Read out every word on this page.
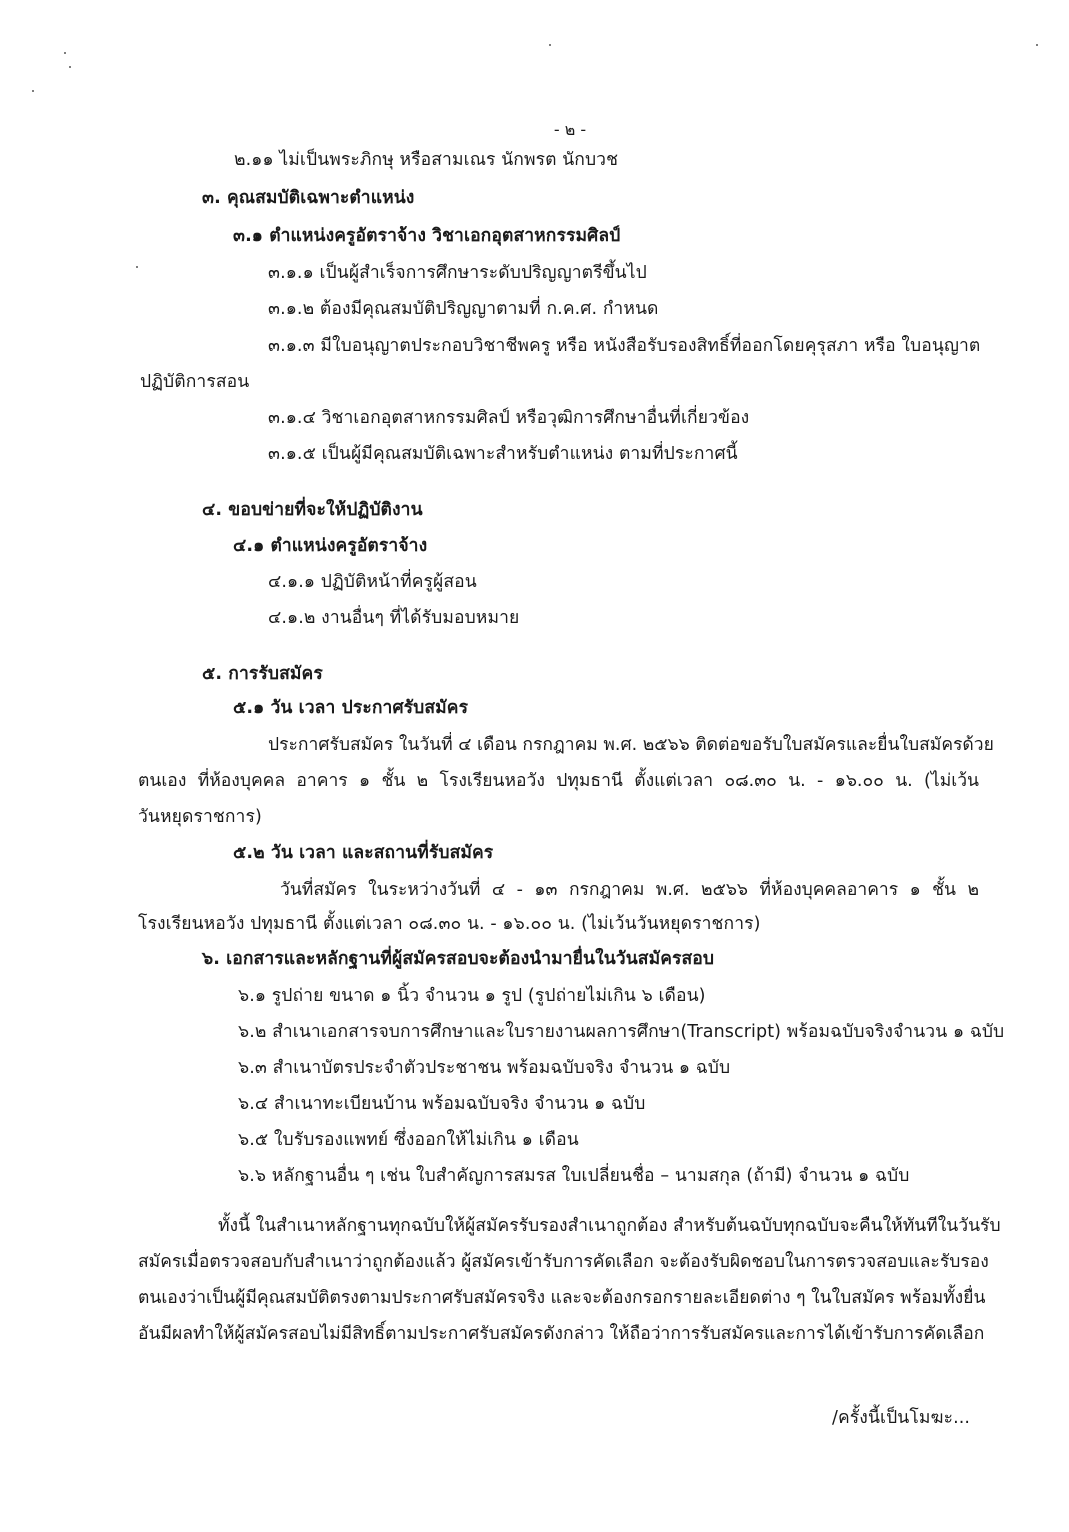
- ๒ -
๒.๑๑ ไม่เป็นพระภิกษุ หรือสามเณร นักพรต นักบวช
๓. คุณสมบัติเฉพาะตำแหน่ง
๓.๑ ตำแหน่งครูอัตราจ้าง วิชาเอกอุตสาหกรรมศิลป์
๓.๑.๑ เป็นผู้สำเร็จการศึกษาระดับปริญญาตรีขึ้นไป
๓.๑.๒ ต้องมีคุณสมบัติปริญญาตามที่ ก.ค.ศ. กำหนด
๓.๑.๓ มีใบอนุญาตประกอบวิชาชีพครู หรือ หนังสือรับรองสิทธิ์ที่ออกโดยคุรุสภา หรือ ใบอนุญาต
ปฏิบัติการสอน
๓.๑.๔ วิชาเอกอุตสาหกรรมศิลป์ หรือวุฒิการศึกษาอื่นที่เกี่ยวข้อง
๓.๑.๕ เป็นผู้มีคุณสมบัติเฉพาะสำหรับตำแหน่ง ตามที่ประกาศนี้
๔. ขอบข่ายที่จะให้ปฏิบัติงาน
๔.๑ ตำแหน่งครูอัตราจ้าง
๔.๑.๑ ปฏิบัติหน้าที่ครูผู้สอน
๔.๑.๒ งานอื่นๆ ที่ได้รับมอบหมาย
๕. การรับสมัคร
๕.๑ วัน เวลา ประกาศรับสมัคร
ประกาศรับสมัคร ในวันที่ ๔ เดือน กรกฎาคม พ.ศ. ๒๕๖๖ ติดต่อขอรับใบสมัครและยื่นใบสมัครด้วย
ตนเอง ที่ห้องบุคคล อาคาร ๑ ชั้น ๒ โรงเรียนหอวัง ปทุมธานี ตั้งแต่เวลา ๐๘.๓๐ น. - ๑๖.๐๐ น. (ไม่เว้น
วันหยุดราชการ)
๕.๒ วัน เวลา และสถานที่รับสมัคร
วันที่สมัคร ในระหว่างวันที่ ๔ - ๑๓ กรกฎาคม พ.ศ. ๒๕๖๖ ที่ห้องบุคคลอาคาร ๑ ชั้น ๒
โรงเรียนหอวัง ปทุมธานี ตั้งแต่เวลา ๐๘.๓๐ น. - ๑๖.๐๐ น. (ไม่เว้นวันหยุดราชการ)
๖. เอกสารและหลักฐานที่ผู้สมัครสอบจะต้องนำมายื่นในวันสมัครสอบ
๖.๑ รูปถ่าย ขนาด ๑ นิ้ว จำนวน ๑ รูป (รูปถ่ายไม่เกิน ๖ เดือน)
๖.๒ สำเนาเอกสารจบการศึกษาและใบรายงานผลการศึกษา(Transcript) พร้อมฉบับจริงจำนวน ๑ ฉบับ
๖.๓ สำเนาบัตรประจำตัวประชาชน พร้อมฉบับจริง จำนวน ๑ ฉบับ
๖.๔ สำเนาทะเบียนบ้าน พร้อมฉบับจริง จำนวน ๑ ฉบับ
๖.๕ ใบรับรองแพทย์ ซึ่งออกให้ไม่เกิน ๑ เดือน
๖.๖ หลักฐานอื่น ๆ เช่น ใบสำคัญการสมรส ใบเปลี่ยนชื่อ – นามสกุล (ถ้ามี) จำนวน ๑ ฉบับ
ทั้งนี้ ในสำเนาหลักฐานทุกฉบับให้ผู้สมัครรับรองสำเนาถูกต้อง สำหรับต้นฉบับทุกฉบับจะคืนให้ทันทีในวันรับ
สมัครเมื่อตรวจสอบกับสำเนาว่าถูกต้องแล้ว ผู้สมัครเข้ารับการคัดเลือก จะต้องรับผิดชอบในการตรวจสอบและรับรอง
ตนเองว่าเป็นผู้มีคุณสมบัติตรงตามประกาศรับสมัครจริง และจะต้องกรอกรายละเอียดต่าง ๆ ในใบสมัคร พร้อมทั้งยื่น
อันมีผลทำให้ผู้สมัครสอบไม่มีสิทธิ์ตามประกาศรับสมัครดังกล่าว ให้ถือว่าการรับสมัครและการได้เข้ารับการคัดเลือก
/ครั้งนี้เป็นโมฆะ...
